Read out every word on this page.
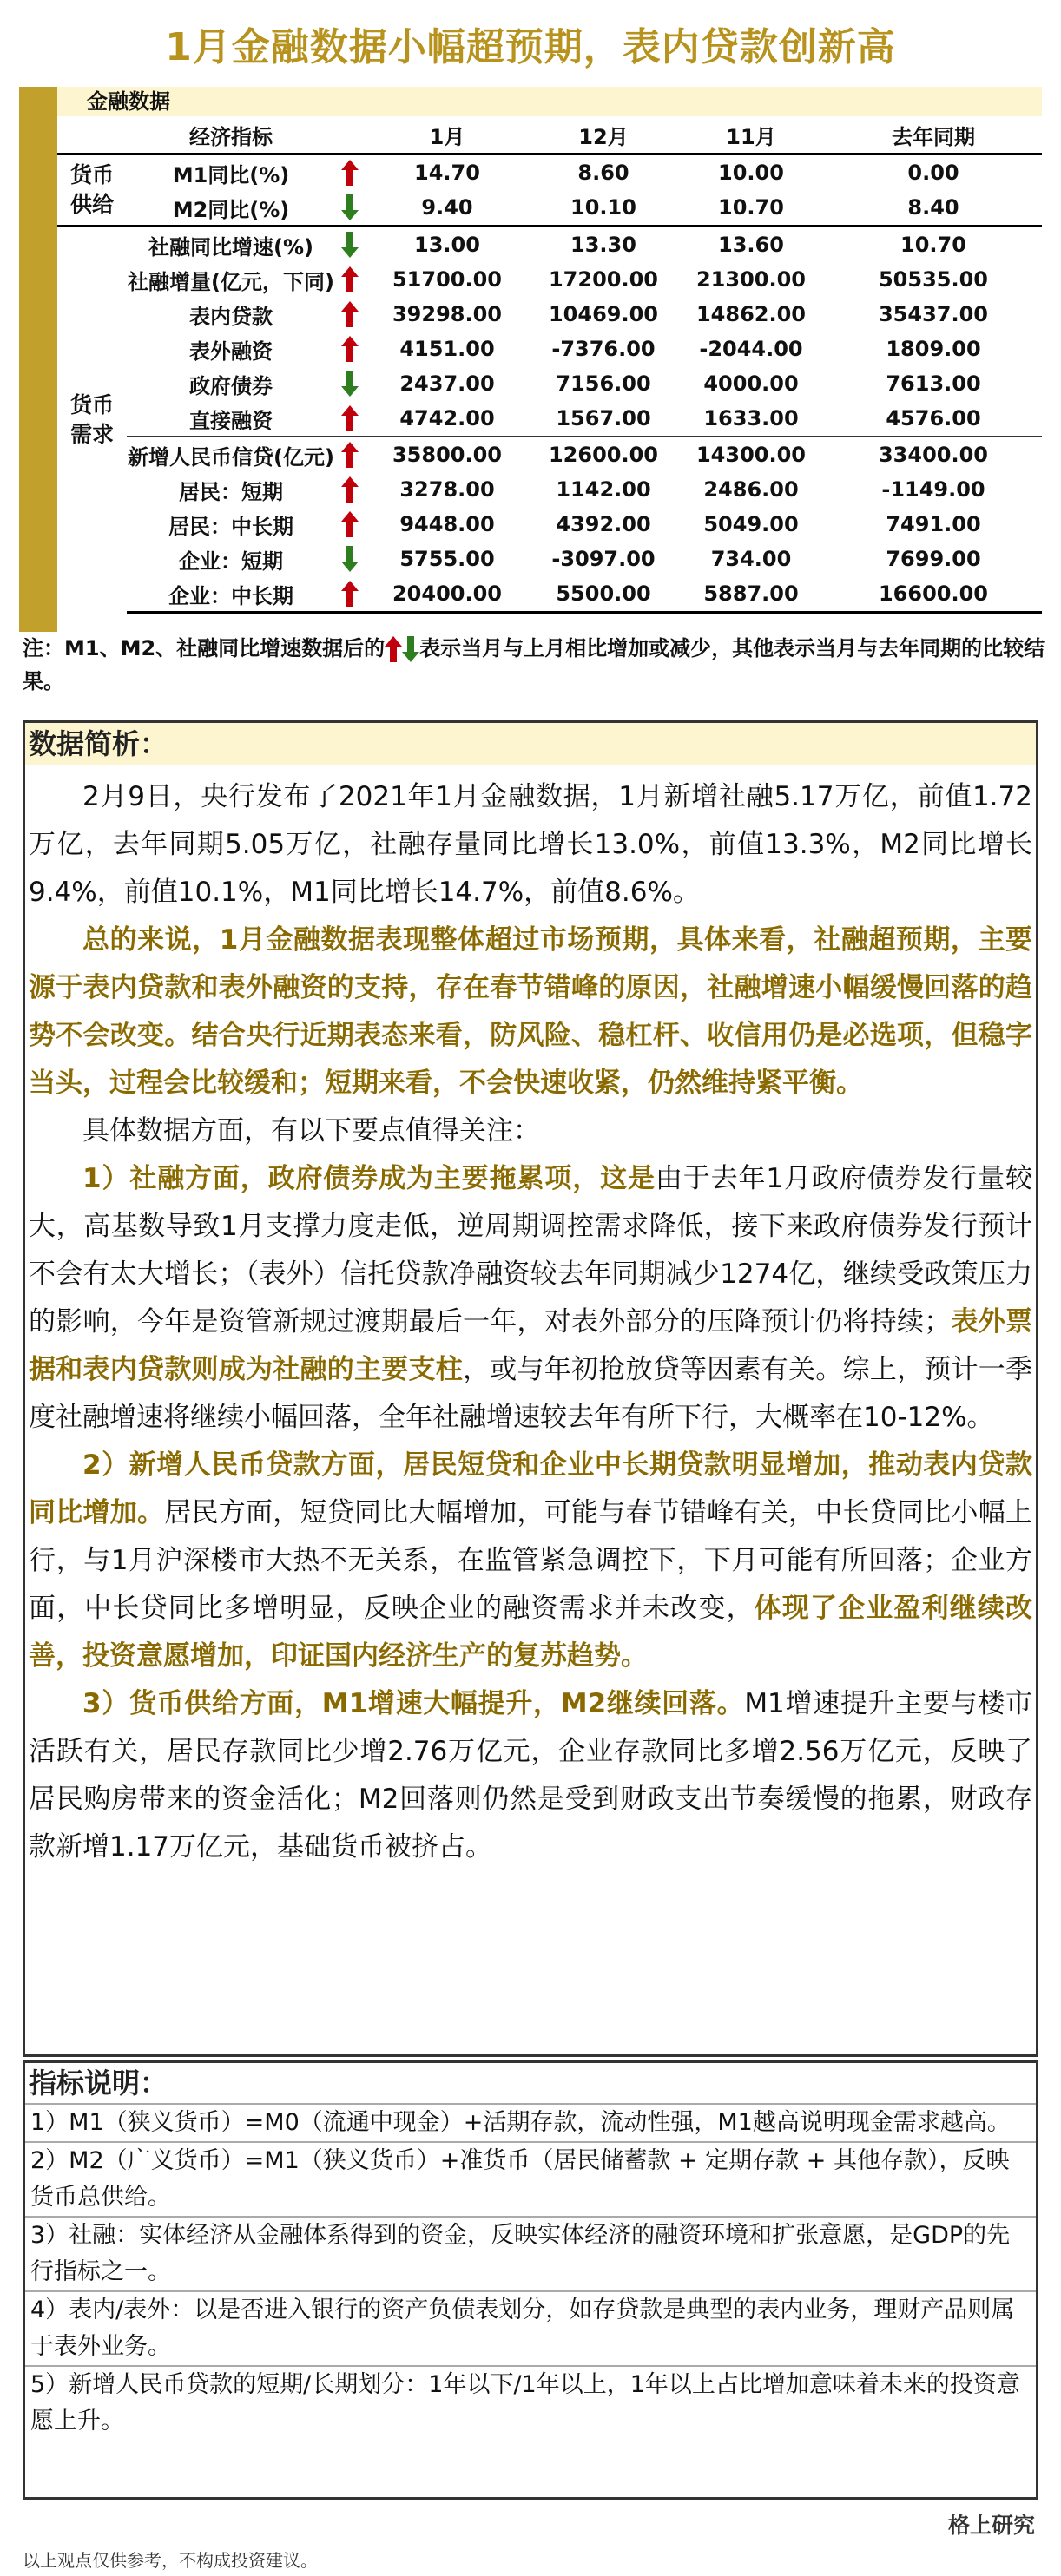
1月金融数据小幅超预期，表内贷款创新高
金融数据
	经济指标		1月	12月	11月	去年同期
货币
供给	M1同比(%)		14.70	8.60	10.00	0.00
	M2同比(%)		9.40	10.10	10.70	8.40
货币
需求	社融同比增速(%)		13.00	13.30	13.60	10.70
	社融增量(亿元，下同)		51700.00	17200.00	21300.00	50535.00
	表内贷款		39298.00	10469.00	14862.00	35437.00
	表外融资		4151.00	-7376.00	-2044.00	1809.00
	政府债券		2437.00	7156.00	4000.00	7613.00
	直接融资		4742.00	1567.00	1633.00	4576.00
	新增人民币信贷(亿元)		35800.00	12600.00	14300.00	33400.00
	居民：短期		3278.00	1142.00	2486.00	-1149.00
	居民：中长期		9448.00	4392.00	5049.00	7491.00
	企业：短期		5755.00	-3097.00	734.00	7699.00
	企业：中长期		20400.00	5500.00	5887.00	16600.00
注：M1、M2、社融同比增速数据后的 表示当月与上月相比增加或减少，其他表示当月与去年同期的比较结果。
数据简析：

2月9日，央行发布了2021年1月金融数据，1月新增社融5.17万亿，前值1.72万亿，去年同期5.05万亿，社融存量同比增长13.0%，前值13.3%，M2同比增长9.4%，前值10.1%，M1同比增长14.7%，前值8.6%。

总的来说，1月金融数据表现整体超过市场预期，具体来看，社融超预期，主要源于表内贷款和表外融资的支持，存在春节错峰的原因，社融增速小幅缓慢回落的趋势不会改变。结合央行近期表态来看，防风险、稳杠杆、收信用仍是必选项，但稳字当头，过程会比较缓和；短期来看，不会快速收紧，仍然维持紧平衡。

具体数据方面，有以下要点值得关注：

1）社融方面，政府债券成为主要拖累项，这是由于去年1月政府债券发行量较大，高基数导致1月支撑力度走低，逆周期调控需求降低，接下来政府债券发行预计不会有太大增长；（表外）信托贷款净融资较去年同期减少1274亿，继续受政策压力的影响，今年是资管新规过渡期最后一年，对表外部分的压降预计仍将持续；表外票据和表内贷款则成为社融的主要支柱，或与年初抢放贷等因素有关。综上，预计一季度社融增速将继续小幅回落，全年社融增速较去年有所下行，大概率在10-12%。

2）新增人民币贷款方面，居民短贷和企业中长期贷款明显增加，推动表内贷款同比增加。居民方面，短贷同比大幅增加，可能与春节错峰有关，中长贷同比小幅上行，与1月沪深楼市大热不无关系，在监管紧急调控下，下月可能有所回落；企业方面，中长贷同比多增明显，反映企业的融资需求并未改变，体现了企业盈利继续改善，投资意愿增加，印证国内经济生产的复苏趋势。

3）货币供给方面，M1增速大幅提升，M2继续回落。M1增速提升主要与楼市活跃有关，居民存款同比少增2.76万亿元，企业存款同比多增2.56万亿元，反映了居民购房带来的资金活化；M2回落则仍然是受到财政支出节奏缓慢的拖累，财政存款新增1.17万亿元，基础货币被挤占。

指标说明：
1）M1（狭义货币）=M0（流通中现金）+活期存款，流动性强，M1越高说明现金需求越高。
2）M2（广义货币）=M1（狭义货币）+准货币（居民储蓄款 + 定期存款 + 其他存款），反映货币总供给。
3）社融：实体经济从金融体系得到的资金，反映实体经济的融资环境和扩张意愿，是GDP的先行指标之一。
4）表内/表外：以是否进入银行的资产负债表划分，如存贷款是典型的表内业务，理财产品则属于表外业务。
5）新增人民币贷款的短期/长期划分：1年以下/1年以上，1年以上占比增加意味着未来的投资意愿上升。
格上研究
以上观点仅供参考，不构成投资建议。
